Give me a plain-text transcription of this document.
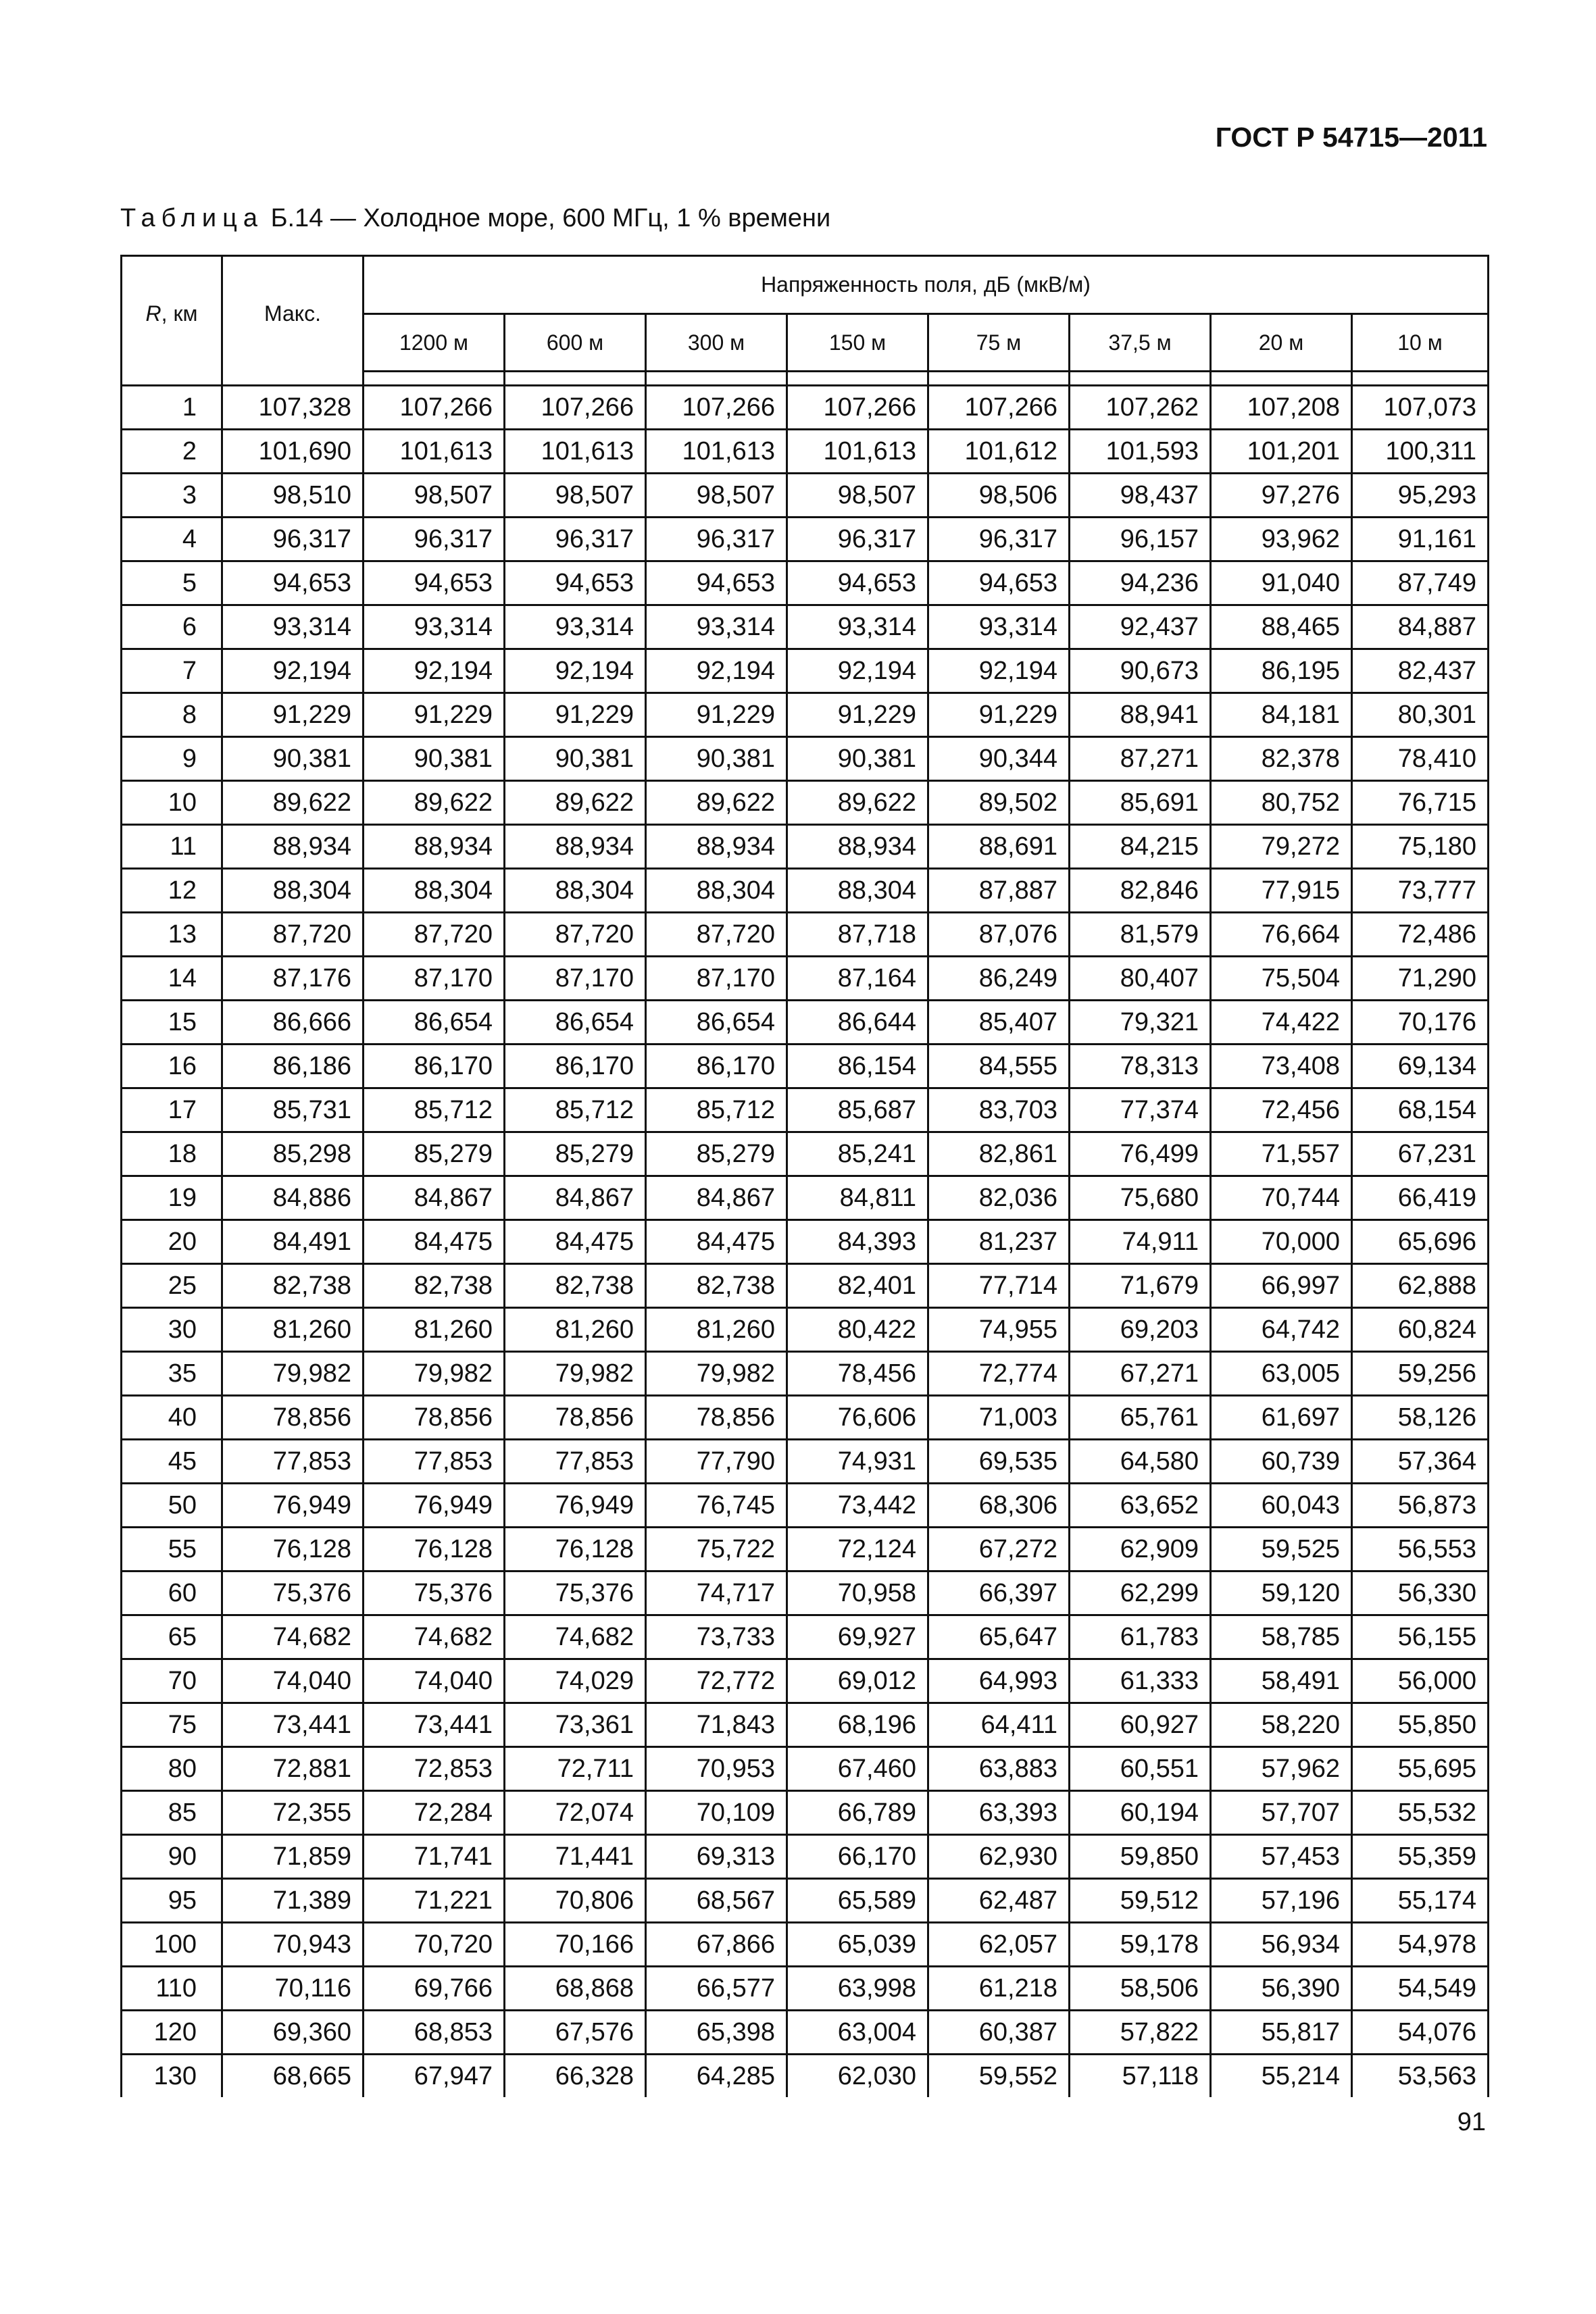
ГОСТ Р 54715—2011
Таблица Б.14 — Холодное море, 600 МГц, 1 % времени
R, км	Макс.	Напряженность поля, дБ (мкВ/м)							
		1200 м	600 м	300 м	150 м	75 м	37,5 м	20 м	10 м

1	107,328	107,266	107,266	107,266	107,266	107,266	107,262	107,208	107,073
2	101,690	101,613	101,613	101,613	101,613	101,612	101,593	101,201	100,311
3	98,510	98,507	98,507	98,507	98,507	98,506	98,437	97,276	95,293
4	96,317	96,317	96,317	96,317	96,317	96,317	96,157	93,962	91,161
5	94,653	94,653	94,653	94,653	94,653	94,653	94,236	91,040	87,749
6	93,314	93,314	93,314	93,314	93,314	93,314	92,437	88,465	84,887
7	92,194	92,194	92,194	92,194	92,194	92,194	90,673	86,195	82,437
8	91,229	91,229	91,229	91,229	91,229	91,229	88,941	84,181	80,301
9	90,381	90,381	90,381	90,381	90,381	90,344	87,271	82,378	78,410
10	89,622	89,622	89,622	89,622	89,622	89,502	85,691	80,752	76,715
11	88,934	88,934	88,934	88,934	88,934	88,691	84,215	79,272	75,180
12	88,304	88,304	88,304	88,304	88,304	87,887	82,846	77,915	73,777
13	87,720	87,720	87,720	87,720	87,718	87,076	81,579	76,664	72,486
14	87,176	87,170	87,170	87,170	87,164	86,249	80,407	75,504	71,290
15	86,666	86,654	86,654	86,654	86,644	85,407	79,321	74,422	70,176
16	86,186	86,170	86,170	86,170	86,154	84,555	78,313	73,408	69,134
17	85,731	85,712	85,712	85,712	85,687	83,703	77,374	72,456	68,154
18	85,298	85,279	85,279	85,279	85,241	82,861	76,499	71,557	67,231
19	84,886	84,867	84,867	84,867	84,811	82,036	75,680	70,744	66,419
20	84,491	84,475	84,475	84,475	84,393	81,237	74,911	70,000	65,696
25	82,738	82,738	82,738	82,738	82,401	77,714	71,679	66,997	62,888
30	81,260	81,260	81,260	81,260	80,422	74,955	69,203	64,742	60,824
35	79,982	79,982	79,982	79,982	78,456	72,774	67,271	63,005	59,256
40	78,856	78,856	78,856	78,856	76,606	71,003	65,761	61,697	58,126
45	77,853	77,853	77,853	77,790	74,931	69,535	64,580	60,739	57,364
50	76,949	76,949	76,949	76,745	73,442	68,306	63,652	60,043	56,873
55	76,128	76,128	76,128	75,722	72,124	67,272	62,909	59,525	56,553
60	75,376	75,376	75,376	74,717	70,958	66,397	62,299	59,120	56,330
65	74,682	74,682	74,682	73,733	69,927	65,647	61,783	58,785	56,155
70	74,040	74,040	74,029	72,772	69,012	64,993	61,333	58,491	56,000
75	73,441	73,441	73,361	71,843	68,196	64,411	60,927	58,220	55,850
80	72,881	72,853	72,711	70,953	67,460	63,883	60,551	57,962	55,695
85	72,355	72,284	72,074	70,109	66,789	63,393	60,194	57,707	55,532
90	71,859	71,741	71,441	69,313	66,170	62,930	59,850	57,453	55,359
95	71,389	71,221	70,806	68,567	65,589	62,487	59,512	57,196	55,174
100	70,943	70,720	70,166	67,866	65,039	62,057	59,178	56,934	54,978
110	70,116	69,766	68,868	66,577	63,998	61,218	58,506	56,390	54,549
120	69,360	68,853	67,576	65,398	63,004	60,387	57,822	55,817	54,076
130	68,665	67,947	66,328	64,285	62,030	59,552	57,118	55,214	53,563
91
